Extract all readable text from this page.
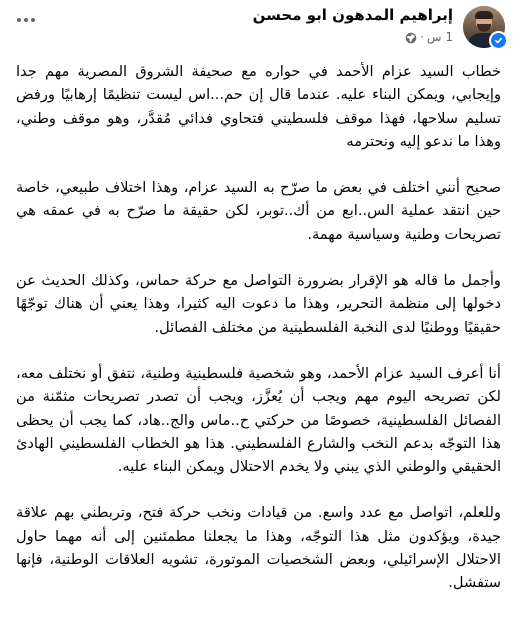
إبراهيم المدهون ابو محسن
1 س
·

خطاب السيد عزام الأحمد في حواره مع صحيفة الشروق المصرية مهم جدا وإيجابي، ويمكن البناء عليه. عندما قال إن حم...اس ليست تنظيمًا إرهابيًا ورفض تسليم سلاحها، فهذا موقف فلسطيني فتحاوي فدائي مُقدَّر، وهو موقف وطني، وهذا ما ندعو إليه ونحترمه

صحيح أنني اختلف في بعض ما صرّح به السيد عزام، وهذا اختلاف طبيعي، خاصة حين انتقد عملية الس..ابع من أك..توبر، لكن حقيقة ما صرّح به في عمقه هي تصريحات وطنية وسياسية مهمة.

وأجمل ما قاله هو الإقرار بضرورة التواصل مع حركة حماس، وكذلك الحديث عن دخولها إلى منظمة التحرير، وهذا ما دعوت اليه كثيرا، وهذا يعني أن هناك توجّهًا حقيقيًا ووطنيًا لدى النخبة الفلسطينية من مختلف الفصائل.

أنا أعرف السيد عزام الأحمد، وهو شخصية فلسطينية وطنية، نتفق أو نختلف معه، لكن تصريحه اليوم مهم ويجب أن يُعزَّز، ويجب أن تصدر تصريحات مثمّنة من الفصائل الفلسطينية، خصوصًا من حركتي ح..ماس والج..هاد، كما يجب أن يحظى هذا التوجّه بدعم النخب والشارع الفلسطيني. هذا هو الخطاب الفلسطيني الهادئ الحقيقي والوطني الذي يبني ولا يخدم الاحتلال ويمكن البناء عليه.

وللعلم، اتواصل مع عدد واسع. من قيادات ونخب حركة فتح، وتربطني بهم علاقة جيدة، ويؤكدون مثل هذا التوجّه، وهذا ما يجعلنا مطمئنين إلى أنه مهما حاول الاحتلال الإسرائيلي، وبعض الشخصيات الموتورة، تشويه العلاقات الوطنية، فإنها ستفشل.
